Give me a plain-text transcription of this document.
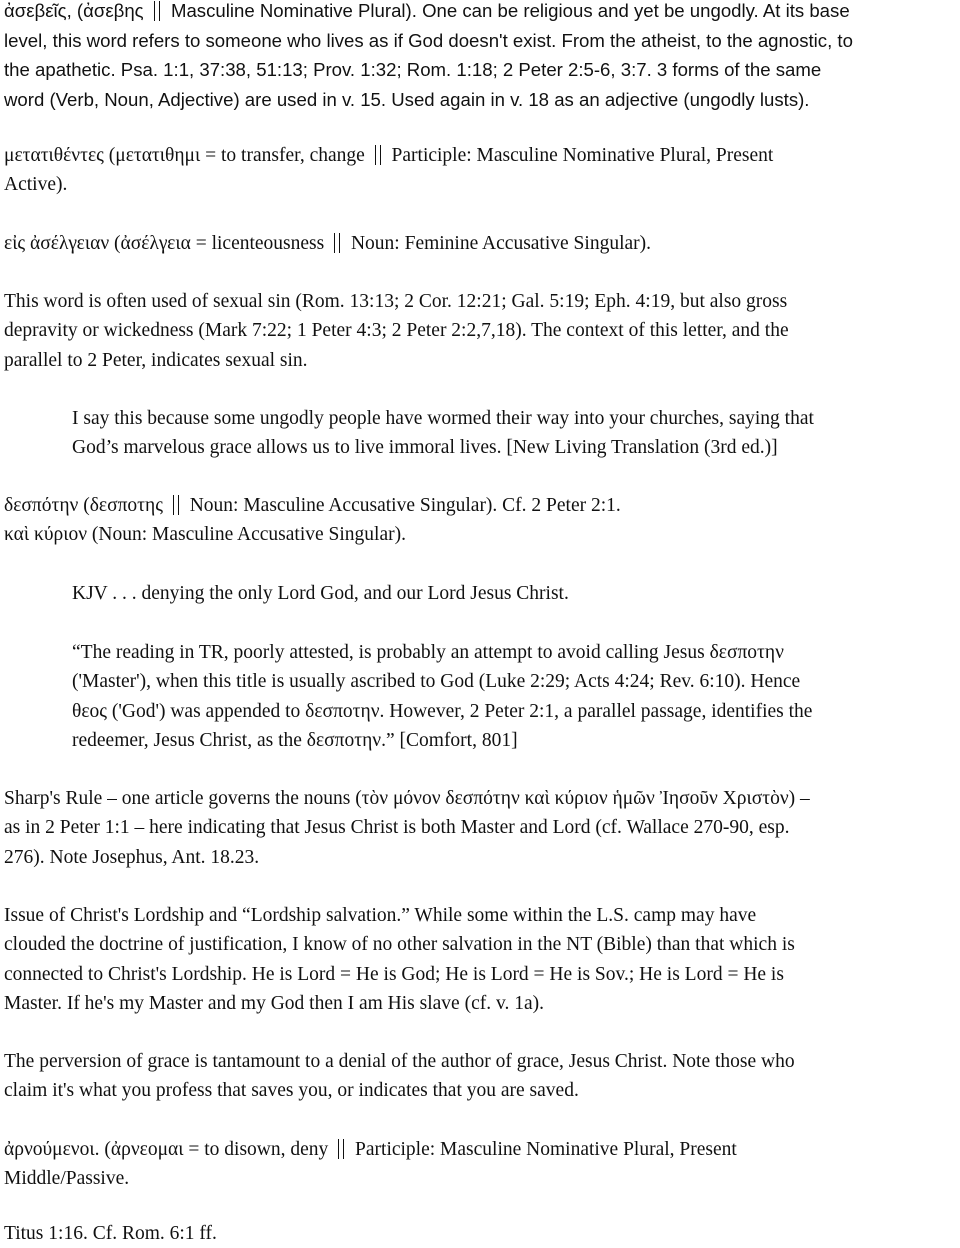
ἀσεβεῖς, (ἀσεβης  Masculine Nominative Plural). One can be religious and yet be ungodly. At its base
level, this word refers to someone who lives as if God doesn't exist. From the atheist, to the agnostic, to
the apathetic. Psa. 1:1, 37:38, 51:13; Prov. 1:32; Rom. 1:18; 2 Peter 2:5-6, 3:7. 3 forms of the same
word (Verb, Noun, Adjective) are used in v. 15. Used again in v. 18 as an adjective (ungodly lusts).
μετατιθέντες (μετατιθημι = to transfer, change  Participle: Masculine Nominative Plural, Present
Active).
εἰς ἀσέλγειαν (ἀσέλγεια = licenteousness  Noun: Feminine Accusative Singular).
This word is often used of sexual sin (Rom. 13:13; 2 Cor. 12:21; Gal. 5:19; Eph. 4:19, but also gross
depravity or wickedness (Mark 7:22; 1 Peter 4:3; 2 Peter 2:2,7,18). The context of this letter, and the
parallel to 2 Peter, indicates sexual sin.
I say this because some ungodly people have wormed their way into your churches, saying that
God’s marvelous grace allows us to live immoral lives. [New Living Translation (3rd ed.)]
δεσπότην (δεσποτης  Noun: Masculine Accusative Singular). Cf. 2 Peter 2:1.
καὶ κύριον (Noun: Masculine Accusative Singular).
KJV . . . denying the only Lord God, and our Lord Jesus Christ.
“The reading in TR, poorly attested, is probably an attempt to avoid calling Jesus δεσποτην
('Master'), when this title is usually ascribed to God (Luke 2:29; Acts 4:24; Rev. 6:10). Hence
θεος ('God') was appended to δεσποτην. However, 2 Peter 2:1, a parallel passage, identifies the
redeemer, Jesus Christ, as the δεσποτην.” [Comfort, 801]
Sharp's Rule – one article governs the nouns (τὸν μόνον δεσπότην καὶ κύριον ἡμῶν Ἰησοῦν Χριστὸν) –
as in 2 Peter 1:1 – here indicating that Jesus Christ is both Master and Lord (cf. Wallace 270-90, esp.
276). Note Josephus, Ant. 18.23.
Issue of Christ's Lordship and “Lordship salvation.” While some within the L.S. camp may have
clouded the doctrine of justification, I know of no other salvation in the NT (Bible) than that which is
connected to Christ's Lordship. He is Lord = He is God; He is Lord = He is Sov.; He is Lord = He is
Master. If he's my Master and my God then I am His slave (cf. v. 1a).
The perversion of grace is tantamount to a denial of the author of grace, Jesus Christ. Note those who
claim it's what you profess that saves you, or indicates that you are saved.
ἀρνούμενοι. (ἀρνεομαι = to disown, deny  Participle: Masculine Nominative Plural, Present
Middle/Passive.
Titus 1:16. Cf. Rom. 6:1 ff.
